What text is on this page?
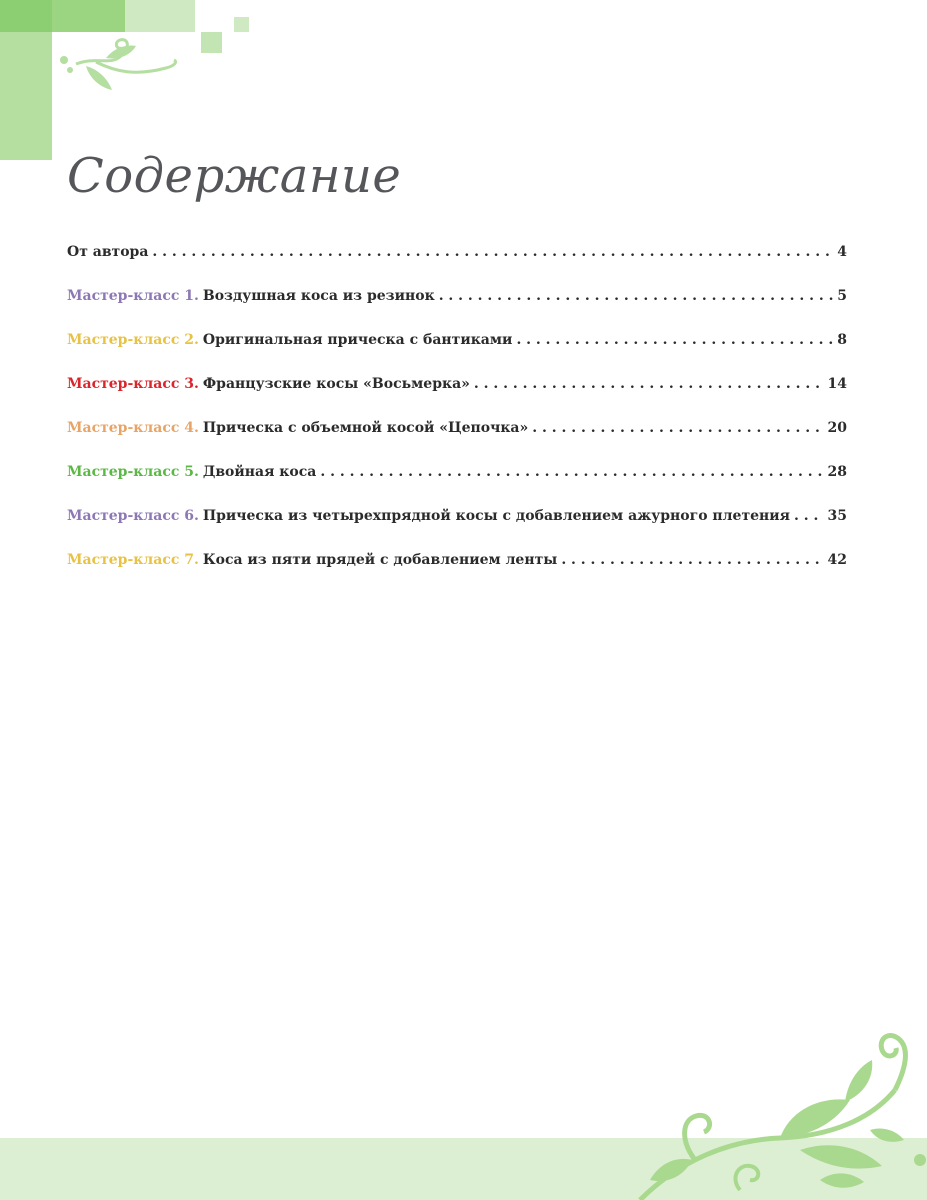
Содержание
От автора . . .	4
Мастер-класс 1. Воздушная коса из резинок . . .	5
Мастер-класс 2. Оригинальная прическа с бантиками . . .	8
Мастер-класс 3. Французские косы «Восьмерка» . . .	14
Мастер-класс 4. Прическа с объемной косой «Цепочка» . . .	20
Мастер-класс 5. Двойная коса . . .	28
Мастер-класс 6. Прическа из четырехпрядной косы с добавлением ажурного плетения . . .	35
Мастер-класс 7. Коса из пяти прядей с добавлением ленты . . .	42
